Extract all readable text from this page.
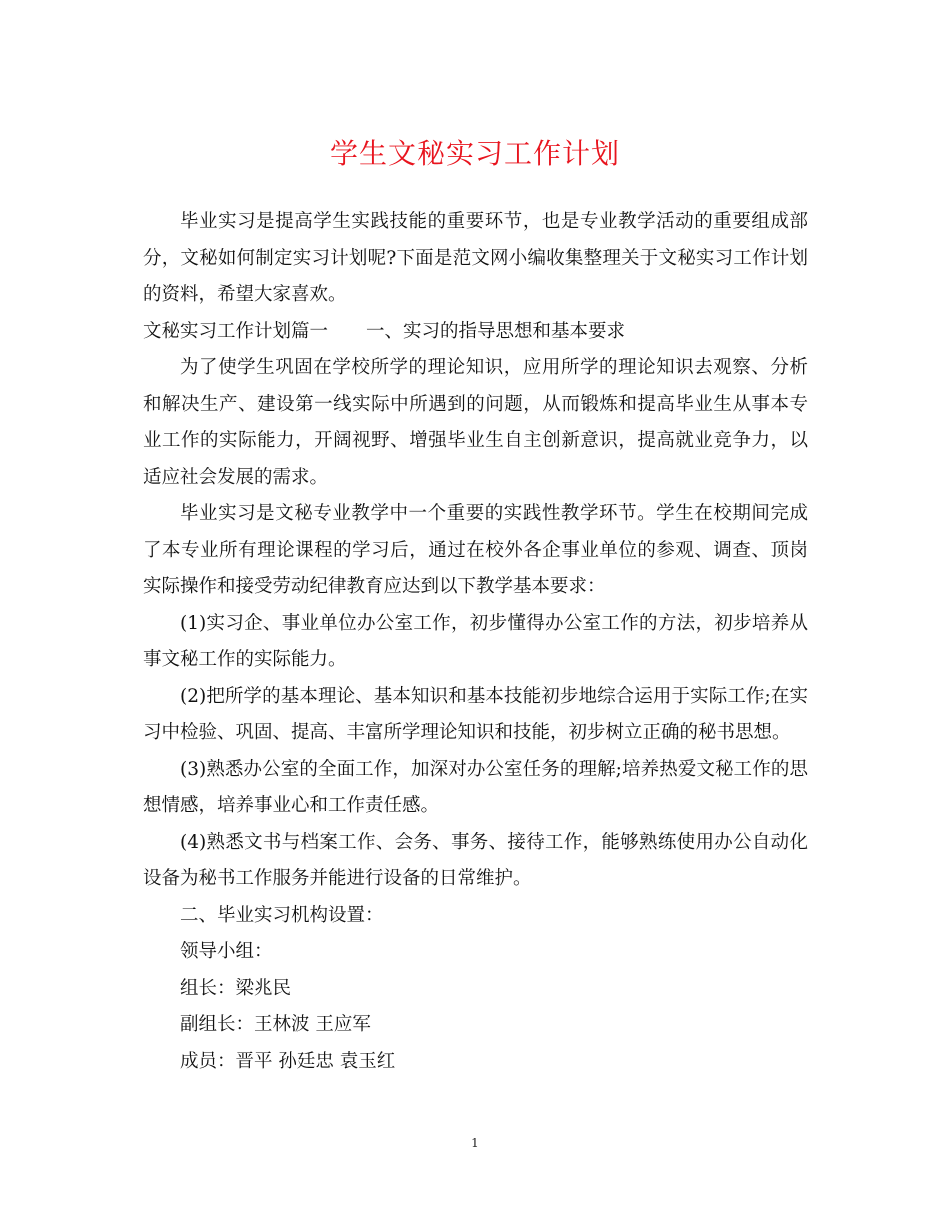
学生文秘实习工作计划

毕业实习是提高学生实践技能的重要环节，也是专业教学活动的重要组成部分，文秘如何制定实习计划呢?下面是范文网小编收集整理关于文秘实习工作计划的资料，希望大家喜欢。

文秘实习工作计划篇一 一、实习的指导思想和基本要求

为了使学生巩固在学校所学的理论知识，应用所学的理论知识去观察、分析和解决生产、建设第一线实际中所遇到的问题，从而锻炼和提高毕业生从事本专业工作的实际能力，开阔视野、增强毕业生自主创新意识，提高就业竞争力，以适应社会发展的需求。

毕业实习是文秘专业教学中一个重要的实践性教学环节。学生在校期间完成了本专业所有理论课程的学习后，通过在校外各企事业单位的参观、调查、顶岗实际操作和接受劳动纪律教育应达到以下教学基本要求：

(1)实习企、事业单位办公室工作，初步懂得办公室工作的方法，初步培养从事文秘工作的实际能力。

(2)把所学的基本理论、基本知识和基本技能初步地综合运用于实际工作;在实习中检验、巩固、提高、丰富所学理论知识和技能，初步树立正确的秘书思想。

(3)熟悉办公室的全面工作，加深对办公室任务的理解;培养热爱文秘工作的思想情感，培养事业心和工作责任感。

(4)熟悉文书与档案工作、会务、事务、接待工作，能够熟练使用办公自动化设备为秘书工作服务并能进行设备的日常维护。

二、毕业实习机构设置：

领导小组：

组长：梁兆民

副组长：王林波 王应军

成员：晋平 孙廷忠 袁玉红

1
